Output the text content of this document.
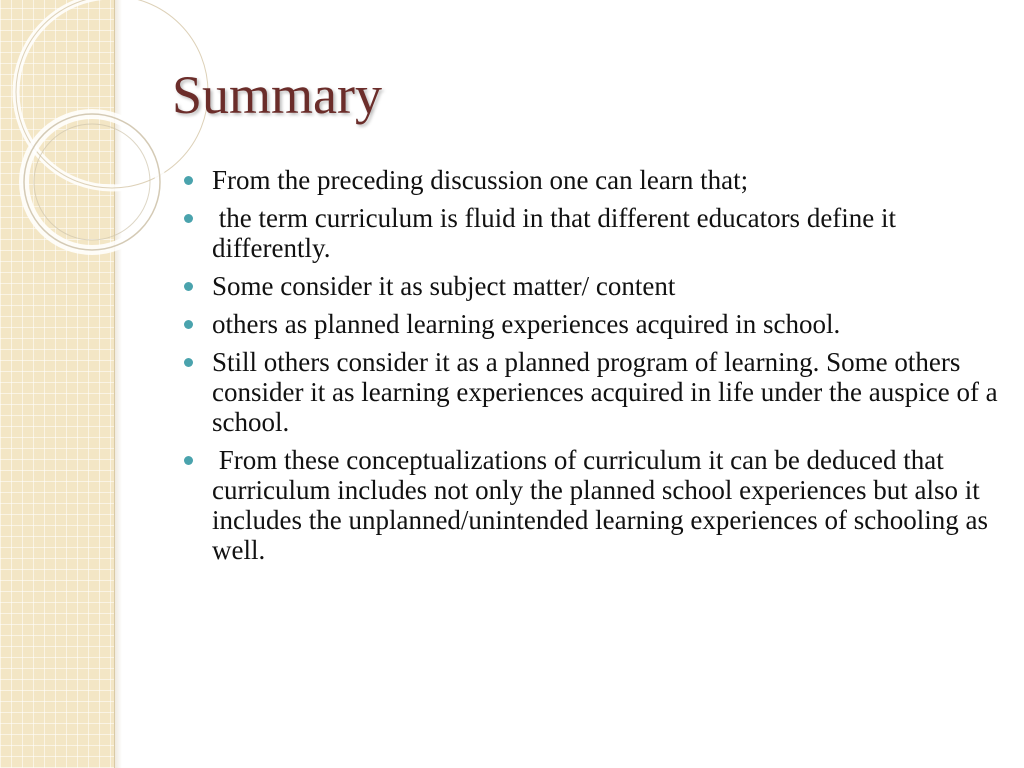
Summary
From the preceding discussion one can learn that;
the term curriculum is fluid in that different educators define it differently.
Some consider it as subject matter/ content
others as planned learning experiences acquired in school.
Still others consider it as a planned program of learning. Some others consider it as learning experiences acquired in life under the auspice of a school.
From these conceptualizations of curriculum it can be deduced that curriculum includes not only the planned school experiences but also it includes the unplanned/unintended learning experiences of schooling as well.
